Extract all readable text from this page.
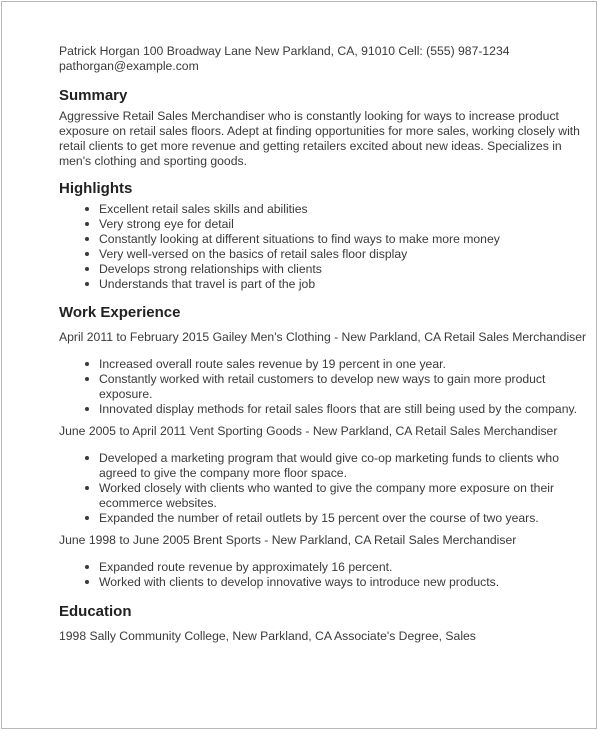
Patrick Horgan 100 Broadway Lane New Parkland, CA, 91010 Cell: (555) 987-1234
pathorgan@example.com
Summary
Aggressive Retail Sales Merchandiser who is constantly looking for ways to increase product exposure on retail sales floors. Adept at finding opportunities for more sales, working closely with retail clients to get more revenue and getting retailers excited about new ideas. Specializes in men's clothing and sporting goods.
Highlights
Excellent retail sales skills and abilities
Very strong eye for detail
Constantly looking at different situations to find ways to make more money
Very well-versed on the basics of retail sales floor display
Develops strong relationships with clients
Understands that travel is part of the job
Work Experience
April 2011 to February 2015 Gailey Men's Clothing - New Parkland, CA Retail Sales Merchandiser
Increased overall route sales revenue by 19 percent in one year.
Constantly worked with retail customers to develop new ways to gain more product exposure.
Innovated display methods for retail sales floors that are still being used by the company.
June 2005 to April 2011 Vent Sporting Goods - New Parkland, CA Retail Sales Merchandiser
Developed a marketing program that would give co-op marketing funds to clients who agreed to give the company more floor space.
Worked closely with clients who wanted to give the company more exposure on their ecommerce websites.
Expanded the number of retail outlets by 15 percent over the course of two years.
June 1998 to June 2005 Brent Sports - New Parkland, CA Retail Sales Merchandiser
Expanded route revenue by approximately 16 percent.
Worked with clients to develop innovative ways to introduce new products.
Education
1998 Sally Community College, New Parkland, CA Associate's Degree, Sales
